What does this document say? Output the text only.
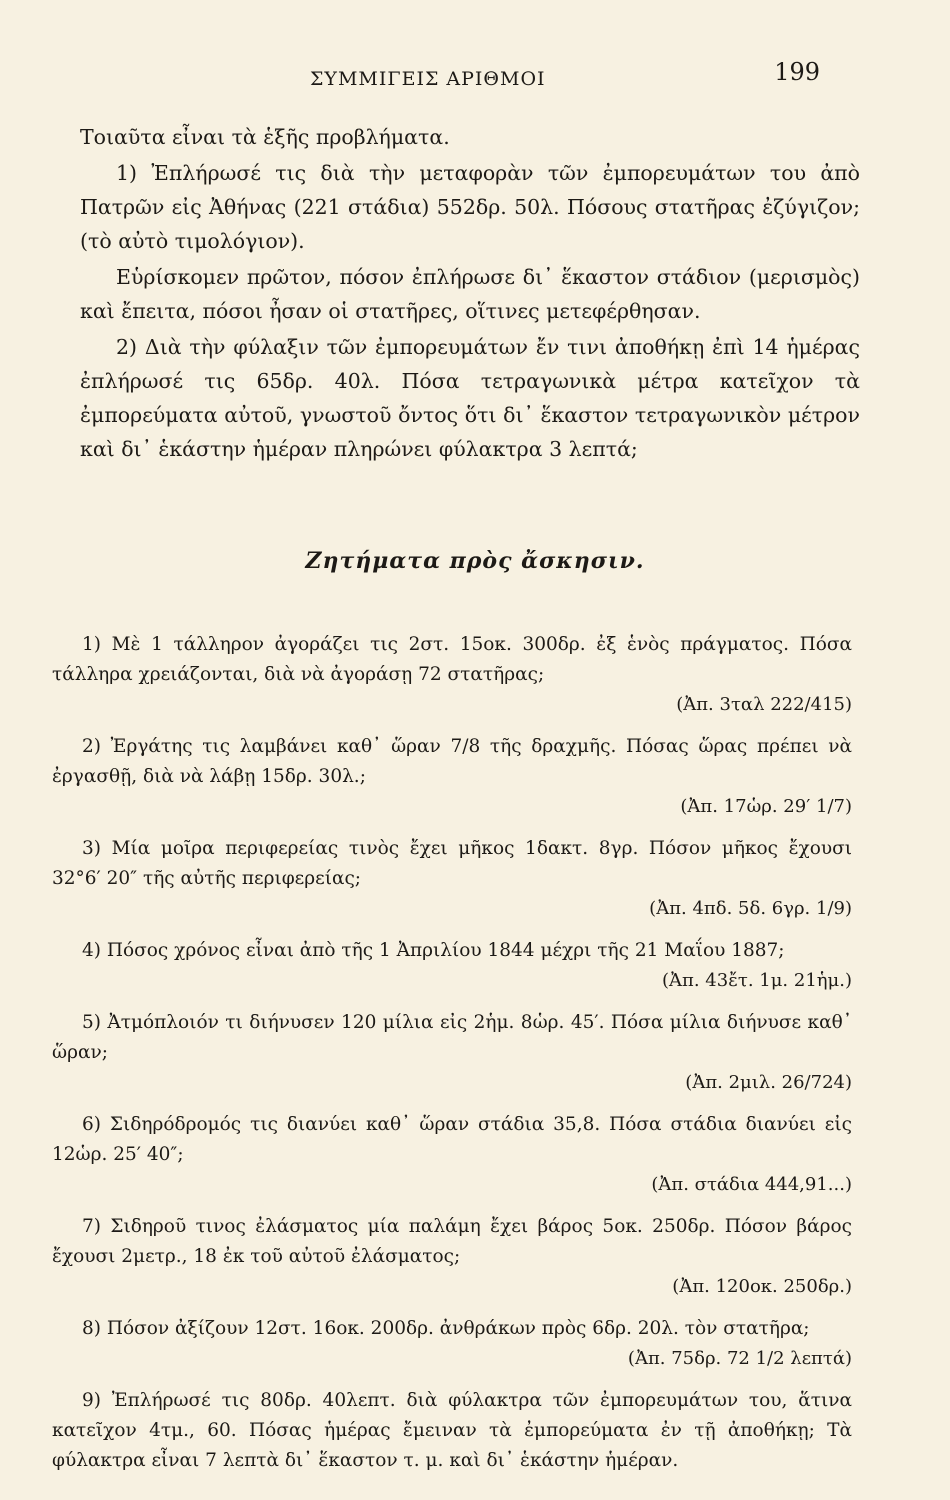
ΣΥΜΜΙΓΕΙΣ ΑΡΙΘΜΟΙ	199

Τοιαῦτα εἶναι τὰ ἑξῆς προβλήματα.

1) Ἐπλήρωσέ τις διὰ τὴν μεταφορὰν τῶν ἐμπορευμάτων του ἀπὸ Πατρῶν εἰς Ἀθήνας (221 στάδια) 552δρ. 50λ. Πόσους στατῆρας ἐζύγιζον; (τὸ αὐτὸ τιμολόγιον).

Εὑρίσκομεν πρῶτον, πόσον ἐπλήρωσε δι᾽ ἕκαστον στάδιον (μερισμὸς) καὶ ἔπειτα, πόσοι ἦσαν οἱ στατῆρες, οἵτινες μετεφέρθησαν.

2) Διὰ τὴν φύλαξιν τῶν ἐμπορευμάτων ἔν τινι ἀποθήκῃ ἐπὶ 14 ἡμέρας ἐπλήρωσέ τις 65δρ. 40λ. Πόσα τετραγωνικὰ μέτρα κατεῖχον τὰ ἐμπορεύματα αὐτοῦ, γνωστοῦ ὄντος ὅτι δι᾽ ἕκαστον τετραγωνικὸν μέτρον καὶ δι᾽ ἑκάστην ἡμέραν πληρώνει φύλακτρα 3 λεπτά;

Ζητήματα πρὸς ἄσκησιν.
1) Μὲ 1 τάλληρον ἀγοράζει τις 2στ. 15οκ. 300δρ. ἐξ ἑνὸς πράγματος. Πόσα τάλληρα χρειάζονται, διὰ νὰ ἀγοράσῃ 72 στατῆρας;
(Ἀπ. 3ταλ 222/415)
2) Ἐργάτης τις λαμβάνει καθ᾽ ὥραν 7/8 τῆς δραχμῆς. Πόσας ὥρας πρέπει νὰ ἐργασθῇ, διὰ νὰ λάβῃ 15δρ. 30λ.;
(Ἀπ. 17ὡρ. 29′ 1/7)
3) Μία μοῖρα περιφερείας τινὸς ἔχει μῆκος 1δακτ. 8γρ. Πόσον μῆκος ἔχουσι 32°6′ 20″ τῆς αὐτῆς περιφερείας;
(Ἀπ. 4πδ. 5δ. 6γρ. 1/9)
4) Πόσος χρόνος εἶναι ἀπὸ τῆς 1 Ἀπριλίου 1844 μέχρι τῆς 21 Μαΐου 1887;
(Ἀπ. 43ἔτ. 1μ. 21ἡμ.)
5) Ἀτμόπλοιόν τι διήνυσεν 120 μίλια εἰς 2ἡμ. 8ὡρ. 45′. Πόσα μίλια διήνυσε καθ᾽ ὥραν;
(Ἀπ. 2μιλ. 26/724)
6) Σιδηρόδρομός τις διανύει καθ᾽ ὥραν στάδια 35,8. Πόσα στάδια διανύει εἰς 12ὡρ. 25′ 40″;
(Ἀπ. στάδια 444,91...)
7) Σιδηροῦ τινος ἐλάσματος μία παλάμη ἔχει βάρος 5οκ. 250δρ. Πόσον βάρος ἔχουσι 2μετρ., 18 ἐκ τοῦ αὐτοῦ ἐλάσματος;
(Ἀπ. 120οκ. 250δρ.)
8) Πόσον ἀξίζουν 12στ. 16οκ. 200δρ. ἀνθράκων πρὸς 6δρ. 20λ. τὸν στατῆρα;
(Ἀπ. 75δρ. 72 1/2 λεπτά)
9) Ἐπλήρωσέ τις 80δρ. 40λεπτ. διὰ φύλακτρα τῶν ἐμπορευμάτων του, ἅτινα κατεῖχον 4τμ., 60. Πόσας ἡμέρας ἔμειναν τὰ ἐμπορεύματα ἐν τῇ ἀποθήκῃ; Τὰ φύλακτρα εἶναι 7 λεπτὰ δι᾽ ἕκαστον τ. μ. καὶ δι᾽ ἑκάστην ἡμέραν.
